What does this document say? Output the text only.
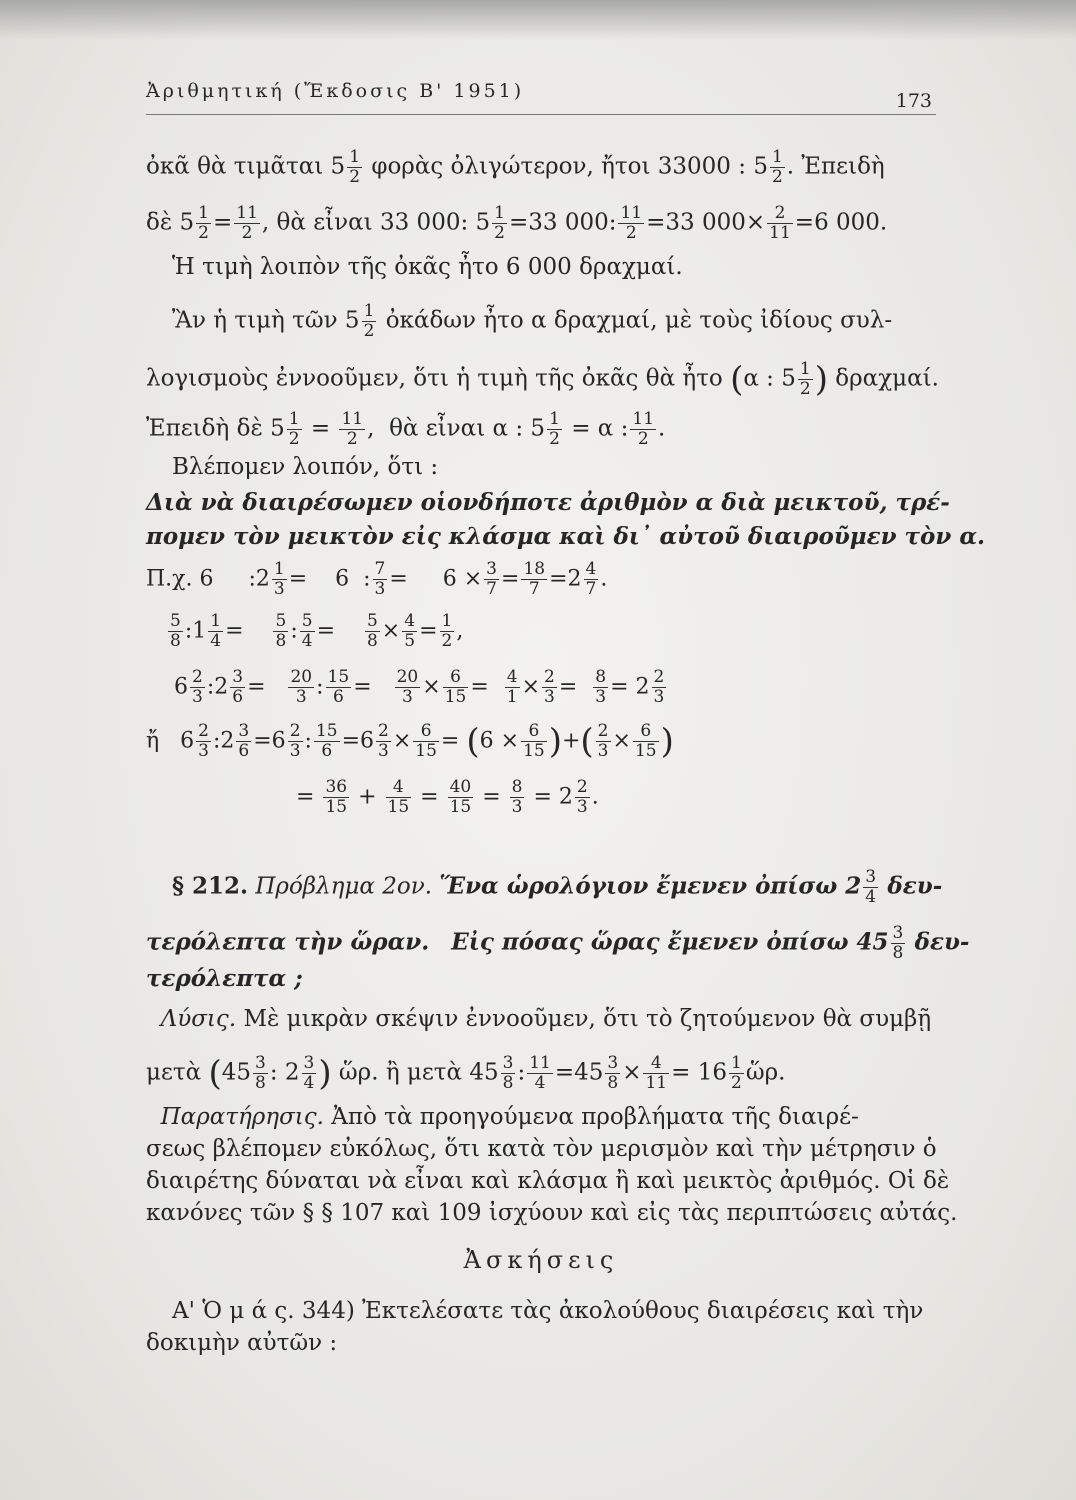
Ἀριθμητική (Ἔκδοσις Β' 1951)	173
ὀκᾶ θὰ τιμᾶται $5 \frac{1}{2}$ φορὰς ὀλιγώτερον, ἤτοι 33000 : $5 \frac{1}{2}$ . Ἐπειδὴ
δὲ $5 \frac{1}{2} = \frac{11}{2}$ , θὰ εἶναι 33 000: $5 \frac{1}{2} =33$ 000: $\frac{11}{2} =33$ $000\times \frac{2}{11} =6$ 000.
Ἡ τιμὴ λοιπὸν τῆς ὀκᾶς ἦτο 6 000 δραχμαί.
Ἂν ἡ τιμὴ τῶν $5 \frac{1}{2}$ ὀκάδων ἦτο α δραχμαί, μὲ τοὺς ἰδίους συλ-
λογισμοὺς ἐννοοῦμεν, ὅτι ἡ τιμὴ τῆς ὀκᾶς θὰ ἦτο (α : $5 \frac{1}{2}$ ) δραχμαί.
Ἐπειδὴ δὲ $5 \frac{1}{2} = \frac{11}{2}$ ,  θὰ εἶναι α : $5 \frac{1}{2} = \alpha$ : $\frac{11}{2}$ .
Βλέπομεν λοιπόν, ὅτι :
Διὰ νὰ διαιρέσωμεν οἱονδήποτε ἀριθμὸν α διὰ μεικτοῦ, τρέ-
πομεν τὸν μεικτὸν εἰς κλάσμα καὶ δι᾽ αὐτοῦ διαιροῦμεν τὸν α.
Π.χ. 6     :2 $\frac{1}{3}$ =    6  : $\frac{7}{3}$ =     $6 \times \frac{3}{7} = \frac{18}{7} =2 \frac{4}{7}$ .
$\frac{5}{8}$ :1 $\frac{1}{4} = \frac{5}{8}$ : $\frac{5}{4} = \frac{5}{8} \times \frac{4}{5} = \frac{1}{2}$ ,
$6 \frac{2}{3}$ :2 $\frac{3}{6} = \frac{20}{3}$ : $\frac{15}{6} = \frac{20}{3} \times \frac{6}{15} = \frac{4}{1} \times \frac{2}{3} = \frac{8}{3} = 2 \frac{2}{3}$
ἤ   $6 \frac{2}{3}$ :2 $\frac{3}{6} =6 \frac{2}{3}$ : $\frac{15}{6} =6 \frac{2}{3} \times \frac{6}{15} = (6 \times \frac{6}{15}$ )+( $\frac{2}{3} \times \frac{6}{15}$ )
= $\frac{36}{15} + \frac{4}{15} = \frac{40}{15} = \frac{8}{3} = 2 \frac{2}{3}$ .
§ 212. Πρόβλημα 2ον. Ἕνα ὡρολόγιον ἔμενεν ὀπίσω $2 \frac{3}{4} \delta\varepsilon\upsilon-$
τερόλεπτα τὴν ὥραν. Εἰς πόσας ὥρας ἔμενεν ὀπίσω $45 \frac{3}{8} \delta\varepsilon\upsilon-$
τερόλεπτα ;
Λύσις. Μὲ μικρὰν σκέψιν ἐννοοῦμεν, ὅτι τὸ ζητούμενον θὰ συμβῇ
μετὰ ($45 \frac{3}{8}$ : $2 \frac{3}{4}$ ) ὥρ. ἢ μετὰ $45 \frac{3}{8}$ : $\frac{11}{4} =45 \frac{3}{8} \times \frac{4}{11} = 16 \frac{1}{2}$ ὥρ.
Παρατήρησις. Ἀπὸ τὰ προηγούμενα προβλήματα τῆς διαιρέ-
σεως βλέπομεν εὐκόλως, ὅτι κατὰ τὸν μερισμὸν καὶ τὴν μέτρησιν ὁ
διαιρέτης δύναται νὰ εἶναι καὶ κλάσμα ἢ καὶ μεικτὸς ἀριθμός. Οἱ δὲ
κανόνες τῶν § § 107 καὶ 109 ἰσχύουν καὶ εἰς τὰς περιπτώσεις αὐτάς.
Ἀσκήσεις
Α' Ὁ μ ά ς. 344) Ἐκτελέσατε τὰς ἀκολούθους διαιρέσεις καὶ τὴν
δοκιμὴν αὐτῶν :
